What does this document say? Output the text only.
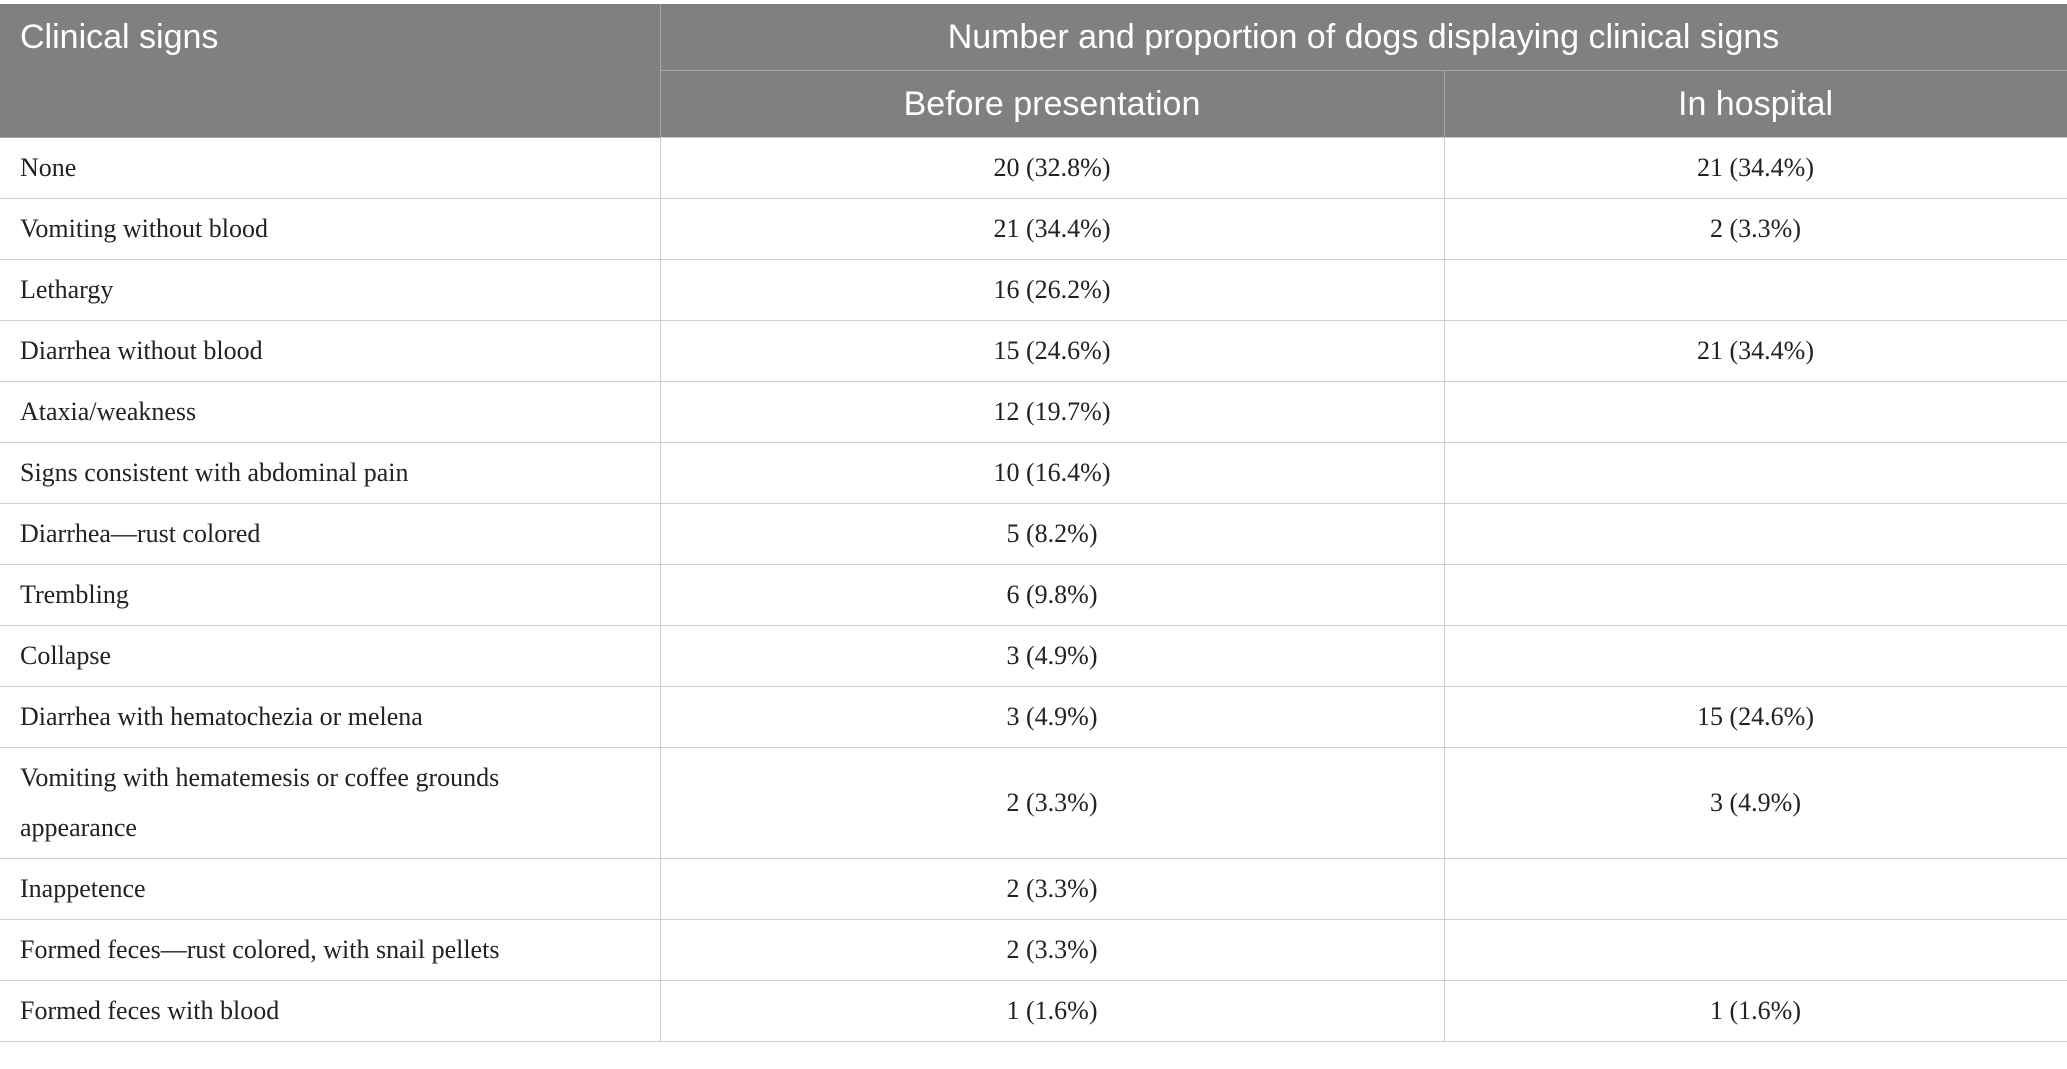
Clinical signs	Number and proportion of dogs displaying clinical signs	
	Before presentation	In hospital
None	20 (32.8%)	21 (34.4%)
Vomiting without blood	21 (34.4%)	2 (3.3%)
Lethargy	16 (26.2%)	
Diarrhea without blood	15 (24.6%)	21 (34.4%)
Ataxia/weakness	12 (19.7%)	
Signs consistent with abdominal pain	10 (16.4%)	
Diarrhea—rust colored	5 (8.2%)	
Trembling	6 (9.8%)	
Collapse	3 (4.9%)	
Diarrhea with hematochezia or melena	3 (4.9%)	15 (24.6%)
Vomiting with hematemesis or coffee grounds
appearance	2 (3.3%)	3 (4.9%)
Inappetence	2 (3.3%)	
Formed feces—rust colored, with snail pellets	2 (3.3%)	
Formed feces with blood	1 (1.6%)	1 (1.6%)
